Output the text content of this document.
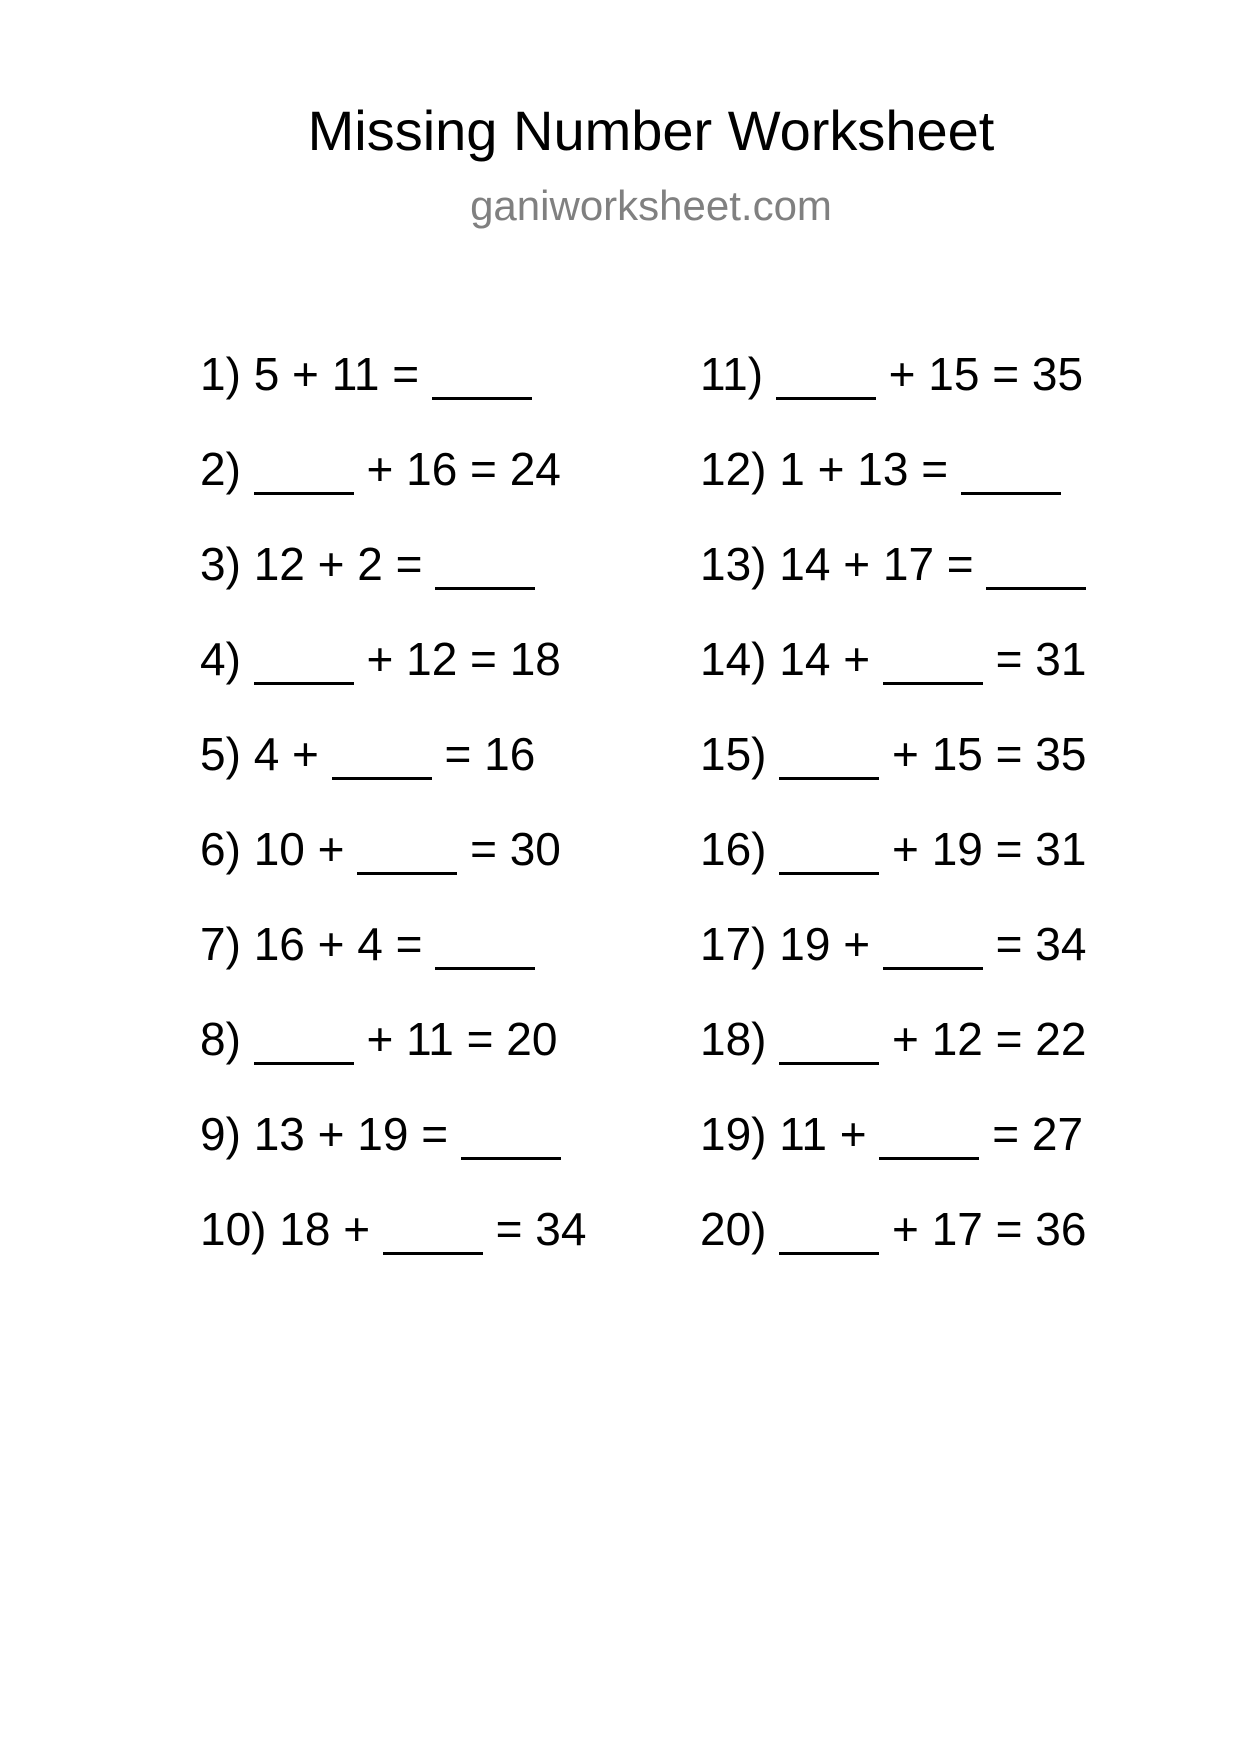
Missing Number Worksheet
ganiworksheet.com
1) 5 + 11 =
2)	+ 16 = 24
3) 12 + 2 =
4)	+ 12 = 18
5) 4 +	= 16
6) 10 +	= 30
7) 16 + 4 =
8)	+ 11 = 20
9) 13 + 19 =
10) 18 +	= 34
11)	+ 15 = 35
12) 1 + 13 =
13) 14 + 17 =
14) 14 +	= 31
15)	+ 15 = 35
16)	+ 19 = 31
17) 19 +	= 34
18)	+ 12 = 22
19) 11 +	= 27
20)	+ 17 = 36
